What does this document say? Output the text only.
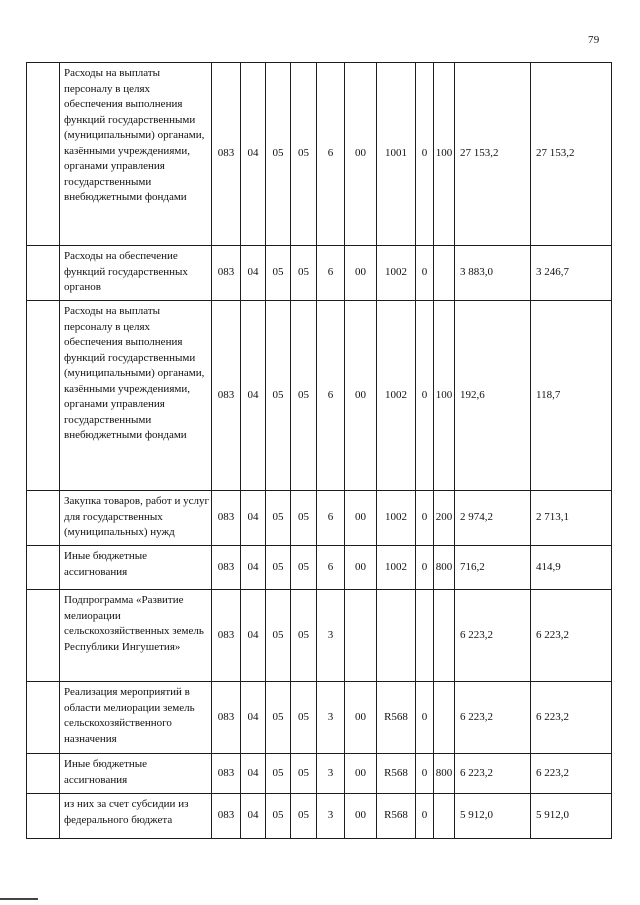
79
	Расходы на выплаты персоналу в целях обеспечения выполнения функций государственными (муниципальными) органами, казёнными учреждениями, органами управления государственными внебюджетными фондами	083	04	05	05	6	00	1001	0	100	27 153,2	27 153,2
	Расходы на обеспечение функций государственных органов	083	04	05	05	6	00	1002	0		3 883,0	3 246,7
	Расходы на выплаты персоналу в целях обеспечения выполнения функций государственными (муниципальными) органами, казёнными учреждениями, органами управления государственными внебюджетными фондами	083	04	05	05	6	00	1002	0	100	192,6	118,7
	Закупка товаров, работ и услуг для государственных (муниципальных) нужд	083	04	05	05	6	00	1002	0	200	2 974,2	2 713,1
	Иные бюджетные ассигнования	083	04	05	05	6	00	1002	0	800	716,2	414,9
	Подпрограмма «Развитие мелиорации сельскохозяйственных земель Республики Ингушетия»	083	04	05	05	3					6 223,2	6 223,2
	Реализация мероприятий в области мелиорации земель сельскохозяйственного назначения	083	04	05	05	3	00	R568	0		6 223,2	6 223,2
	Иные бюджетные ассигнования	083	04	05	05	3	00	R568	0	800	6 223,2	6 223,2
	из них за счет субсидии из федерального бюджета	083	04	05	05	3	00	R568	0		5 912,0	5 912,0
